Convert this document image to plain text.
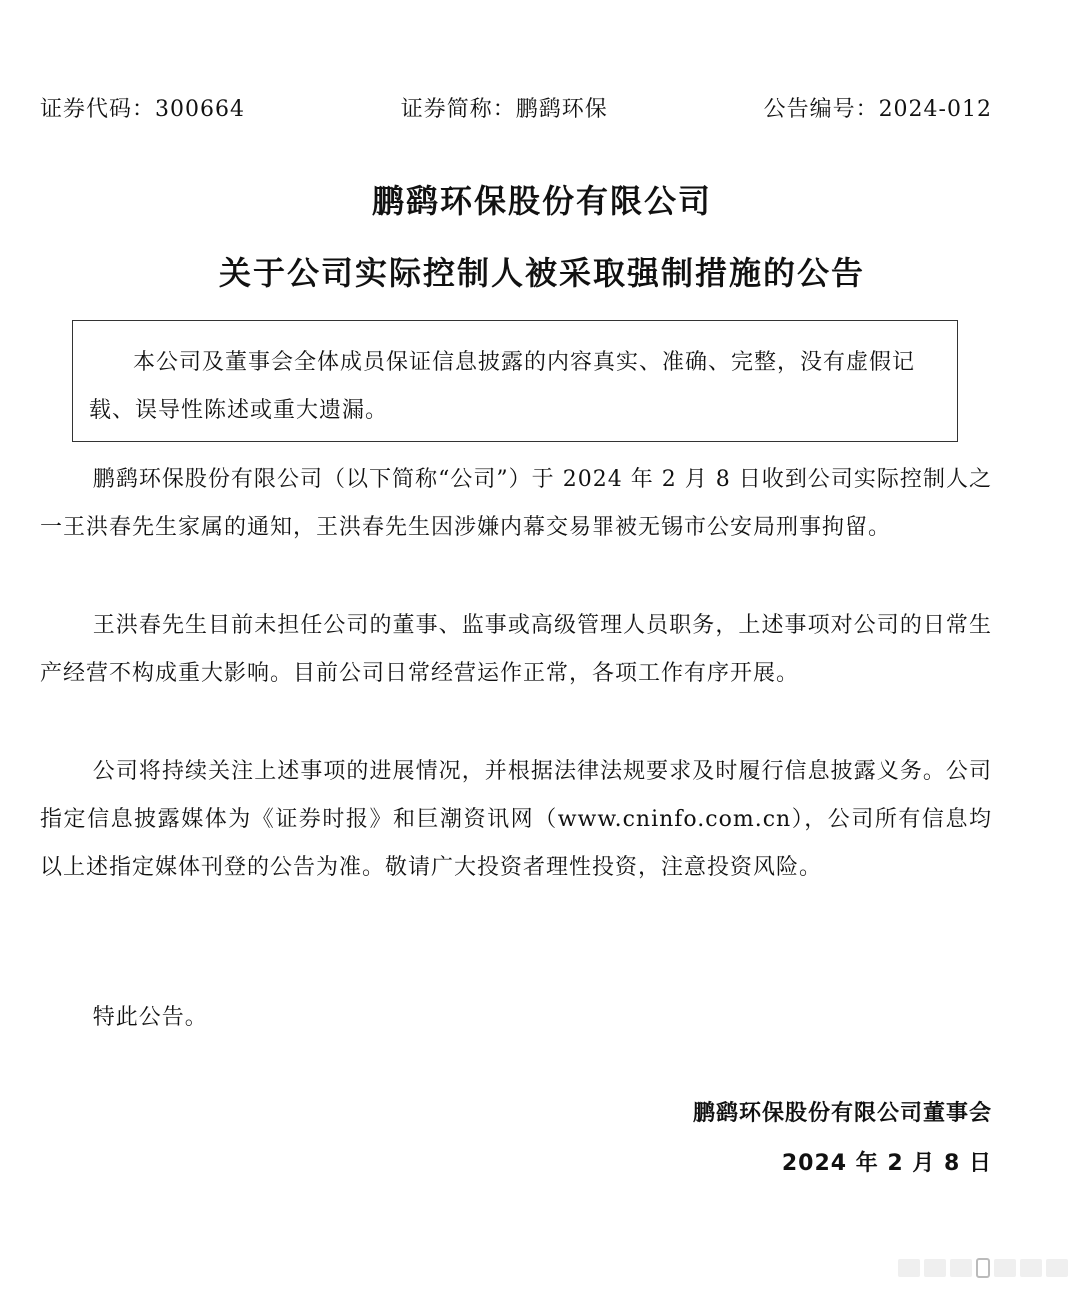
证券代码：300664	证券简称：鹏鹞环保	公告编号：2024-012
鹏鹞环保股份有限公司
关于公司实际控制人被采取强制措施的公告
本公司及董事会全体成员保证信息披露的内容真实、准确、完整，没有虚假记载、误导性陈述或重大遗漏。
鹏鹞环保股份有限公司（以下简称“公司”）于 2024 年 2 月 8 日收到公司实际控制人之一王洪春先生家属的通知，王洪春先生因涉嫌内幕交易罪被无锡市公安局刑事拘留。
王洪春先生目前未担任公司的董事、监事或高级管理人员职务，上述事项对公司的日常生产经营不构成重大影响。目前公司日常经营运作正常，各项工作有序开展。
公司将持续关注上述事项的进展情况，并根据法律法规要求及时履行信息披露义务。公司指定信息披露媒体为《证券时报》和巨潮资讯网（www.cninfo.com.cn），公司所有信息均以上述指定媒体刊登的公告为准。敬请广大投资者理性投资，注意投资风险。
特此公告。
鹏鹞环保股份有限公司董事会
2024 年 2 月 8 日
